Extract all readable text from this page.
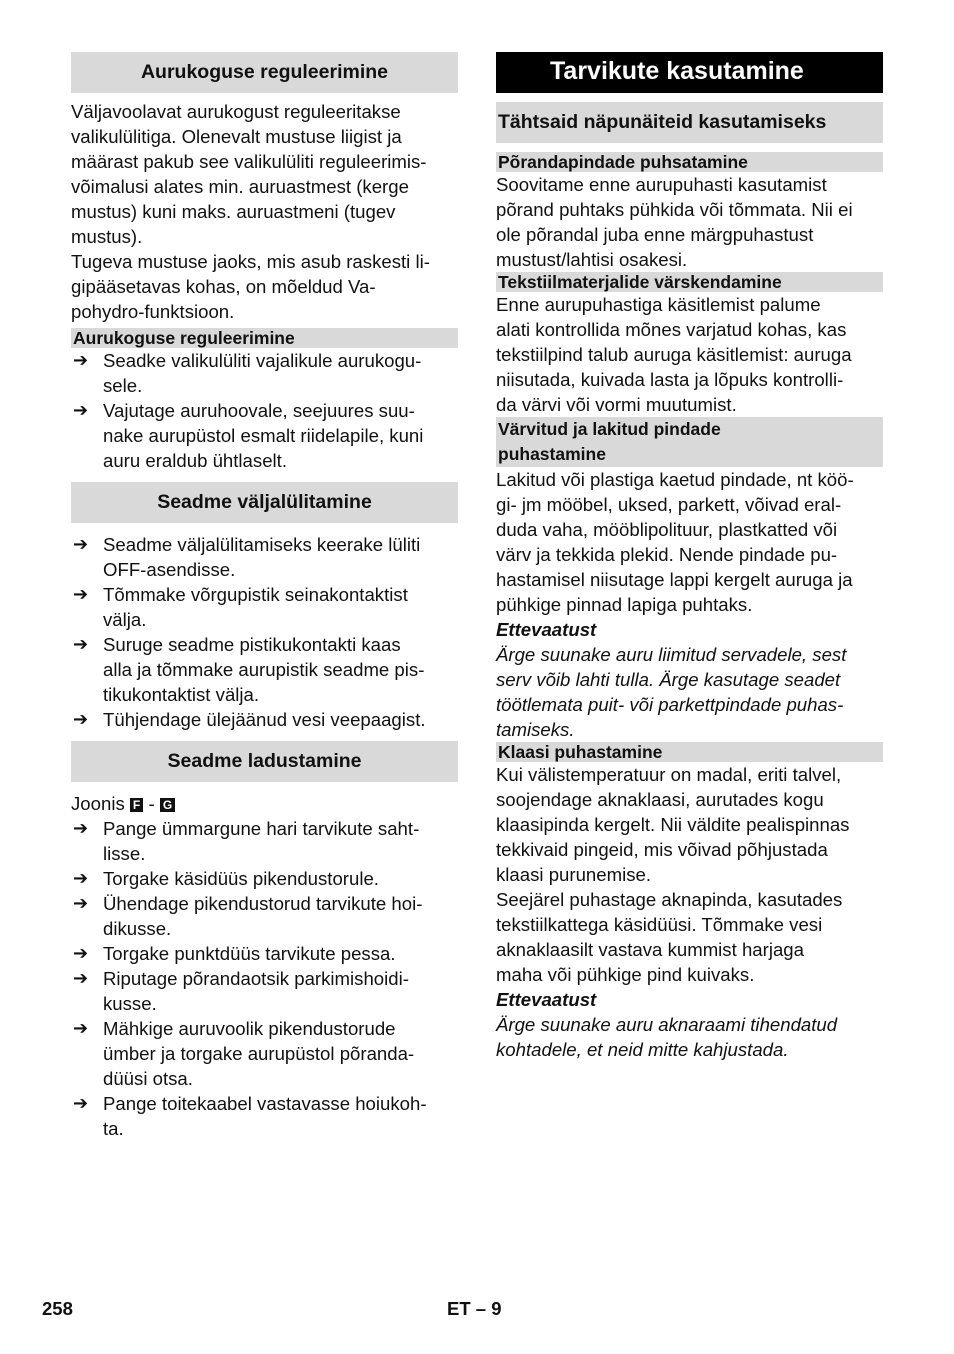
Aurukoguse reguleerimine
Väljavoolavat aurukogust reguleeritakse
valikulülitiga. Olenevalt mustuse liigist ja
määrast pakub see valikulüliti reguleerimis-
võimalusi alates min. auruastmest (kerge
mustus) kuni maks. auruastmeni (tugev
mustus).
Tugeva mustuse jaoks, mis asub raskesti li-
gipääsetavas kohas, on mõeldud Va-
pohydro-funktsioon.
Aurukoguse reguleerimine
➔ Seadke valikulüliti vajalikule aurukogu-
sele.
➔ Vajutage auruhoovale, seejuures suu-
nake aurupüstol esmalt riidelapile, kuni
auru eraldub ühtlaselt.
Seadme väljalülitamine
➔ Seadme väljalülitamiseks keerake lüliti
OFF-asendisse.
➔ Tõmmake võrgupistik seinakontaktist
välja.
➔ Suruge seadme pistikukontakti kaas
alla ja tõmmake aurupistik seadme pis-
tikukontaktist välja.
➔ Tühjendage ülejäänud vesi veepaagist.
Seadme ladustamine
Joonis F - G
➔ Pange ümmargune hari tarvikute saht-
lisse.
➔ Torgake käsidüüs pikendustorule.
➔ Ühendage pikendustorud tarvikute hoi-
dikusse.
➔ Torgake punktdüüs tarvikute pessa.
➔ Riputage põrandaotsik parkimishoidi-
kusse.
➔ Mähkige auruvoolik pikendustorude
ümber ja torgake aurupüstol põranda-
düüsi otsa.
➔ Pange toitekaabel vastavasse hoiukoh-
ta.
Tarvikute kasutamine
Tähtsaid näpunäiteid kasutamiseks
Põrandapindade puhsatamine
Soovitame enne aurupuhasti kasutamist
põrand puhtaks pühkida või tõmmata. Nii ei
ole põrandal juba enne märgpuhastust
mustust/lahtisi osakesi.
Tekstiilmaterjalide värskendamine
Enne aurupuhastiga käsitlemist palume
alati kontrollida mõnes varjatud kohas, kas
tekstiilpind talub auruga käsitlemist: auruga
niisutada, kuivada lasta ja lõpuks kontrolli-
da värvi või vormi muutumist.
Värvitud ja lakitud pindade
puhastamine
Lakitud või plastiga kaetud pindade, nt köö-
gi- jm mööbel, uksed, parkett, võivad eral-
duda vaha, mööblipolituur, plastkatted või
värv ja tekkida plekid. Nende pindade pu-
hastamisel niisutage lappi kergelt auruga ja
pühkige pinnad lapiga puhtaks.
Ettevaatust
Ärge suunake auru liimitud servadele, sest
serv võib lahti tulla. Ärge kasutage seadet
töötlemata puit- või parkettpindade puhas-
tamiseks.
Klaasi puhastamine
Kui välistemperatuur on madal, eriti talvel,
soojendage aknaklaasi, aurutades kogu
klaasipinda kergelt. Nii väldite pealispinnas
tekkivaid pingeid, mis võivad põhjustada
klaasi purunemise.
Seejärel puhastage aknapinda, kasutades
tekstiilkattega käsidüüsi. Tõmmake vesi
aknaklaasilt vastava kummist harjaga
maha või pühkige pind kuivaks.
Ettevaatust
Ärge suunake auru aknaraami tihendatud
kohtadele, et neid mitte kahjustada.
258	ET – 9
